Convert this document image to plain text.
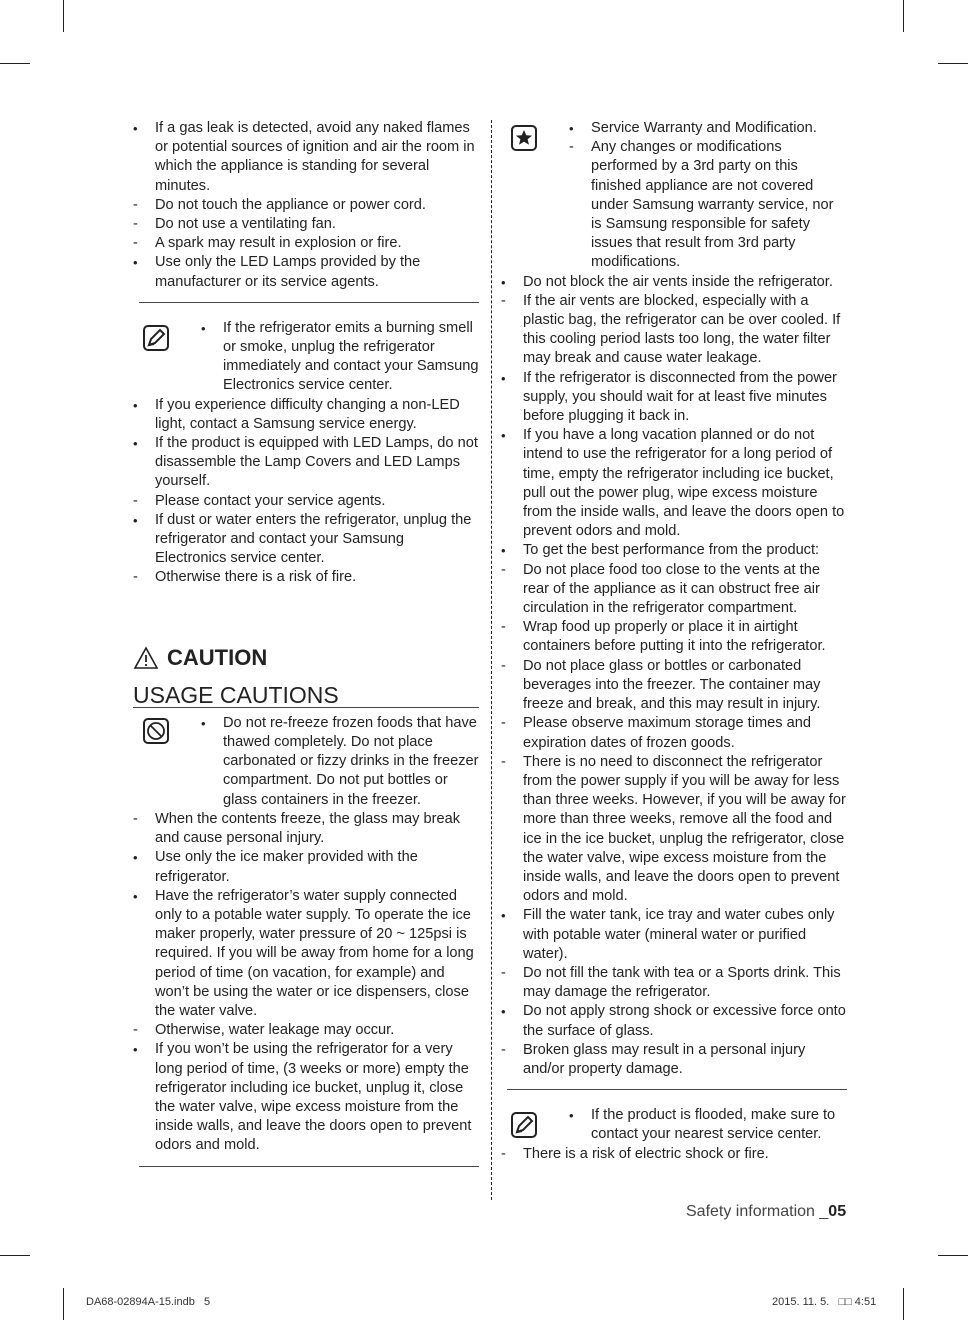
•	If a gas leak is detected, avoid any naked flames or potential sources of ignition and air the room in which the appliance is standing for several minutes.
-	Do not touch the appliance or power cord.
-	Do not use a ventilating fan.
-	A spark may result in explosion or fire.
•	Use only the LED Lamps provided by the manufacturer or its service agents.
•	If the refrigerator emits a burning smell or smoke, unplug the refrigerator immediately and contact your Samsung Electronics service center.
•	If you experience difficulty changing a non-LED light, contact a Samsung service energy.
•	If the product is equipped with LED Lamps, do not disassemble the Lamp Covers and LED Lamps yourself.
-	Please contact your service agents.
•	If dust or water enters the refrigerator, unplug the refrigerator and contact your Samsung Electronics service center.
-	Otherwise there is a risk of fire.
CAUTION
USAGE CAUTIONS
•	Do not re-freeze frozen foods that have thawed completely. Do not place carbonated or fizzy drinks in the freezer compartment. Do not put bottles or glass containers in the freezer.
-	When the contents freeze, the glass may break and cause personal injury.
•	Use only the ice maker provided with the refrigerator.
•	Have the refrigerator’s water supply connected only to a potable water supply. To operate the ice maker properly, water pressure of 20 ~ 125psi is required. If you will be away from home for a long period of time (on vacation, for example) and won’t be using the water or ice dispensers, close the water valve.
-	Otherwise, water leakage may occur.
•	If you won’t be using the refrigerator for a very long period of time, (3 weeks or more) empty the refrigerator including ice bucket, unplug it, close the water valve, wipe excess moisture from the inside walls, and leave the doors open to prevent odors and mold.
•	Service Warranty and Modification.
-	Any changes or modifications performed by a 3rd party on this finished appliance are not covered under Samsung warranty service, nor is Samsung responsible for safety issues that result from 3rd party modifications.
•	Do not block the air vents inside the refrigerator.
-	If the air vents are blocked, especially with a plastic bag, the refrigerator can be over cooled. If this cooling period lasts too long, the water filter may break and cause water leakage.
•	If the refrigerator is disconnected from the power supply, you should wait for at least five minutes before plugging it back in.
•	If you have a long vacation planned or do not intend to use the refrigerator for a long period of time, empty the refrigerator including ice bucket, pull out the power plug, wipe excess moisture from the inside walls, and leave the doors open to prevent odors and mold.
•	To get the best performance from the product:
-	Do not place food too close to the vents at the rear of the appliance as it can obstruct free air circulation in the refrigerator compartment.
-	Wrap food up properly or place it in airtight containers before putting it into the refrigerator.
-	Do not place glass or bottles or carbonated beverages into the freezer. The container may freeze and break, and this may result in injury.
-	Please observe maximum storage times and expiration dates of frozen goods.
-	There is no need to disconnect the refrigerator from the power supply if you will be away for less than three weeks. However, if you will be away for more than three weeks, remove all the food and ice in the ice bucket, unplug the refrigerator, close the water valve, wipe excess moisture from the inside walls, and leave the doors open to prevent odors and mold.
•	Fill the water tank, ice tray and water cubes only with potable water (mineral water or purified water).
-	Do not fill the tank with tea or a Sports drink. This may damage the refrigerator.
•	Do not apply strong shock or excessive force onto the surface of glass.
-	Broken glass may result in a personal injury and/or property damage.
•	If the product is flooded, make sure to contact your nearest service center.
-	There is a risk of electric shock or fire.
Safety information _05
DA68-02894A-15.indb   5	2015. 11. 5.   □□ 4:51
